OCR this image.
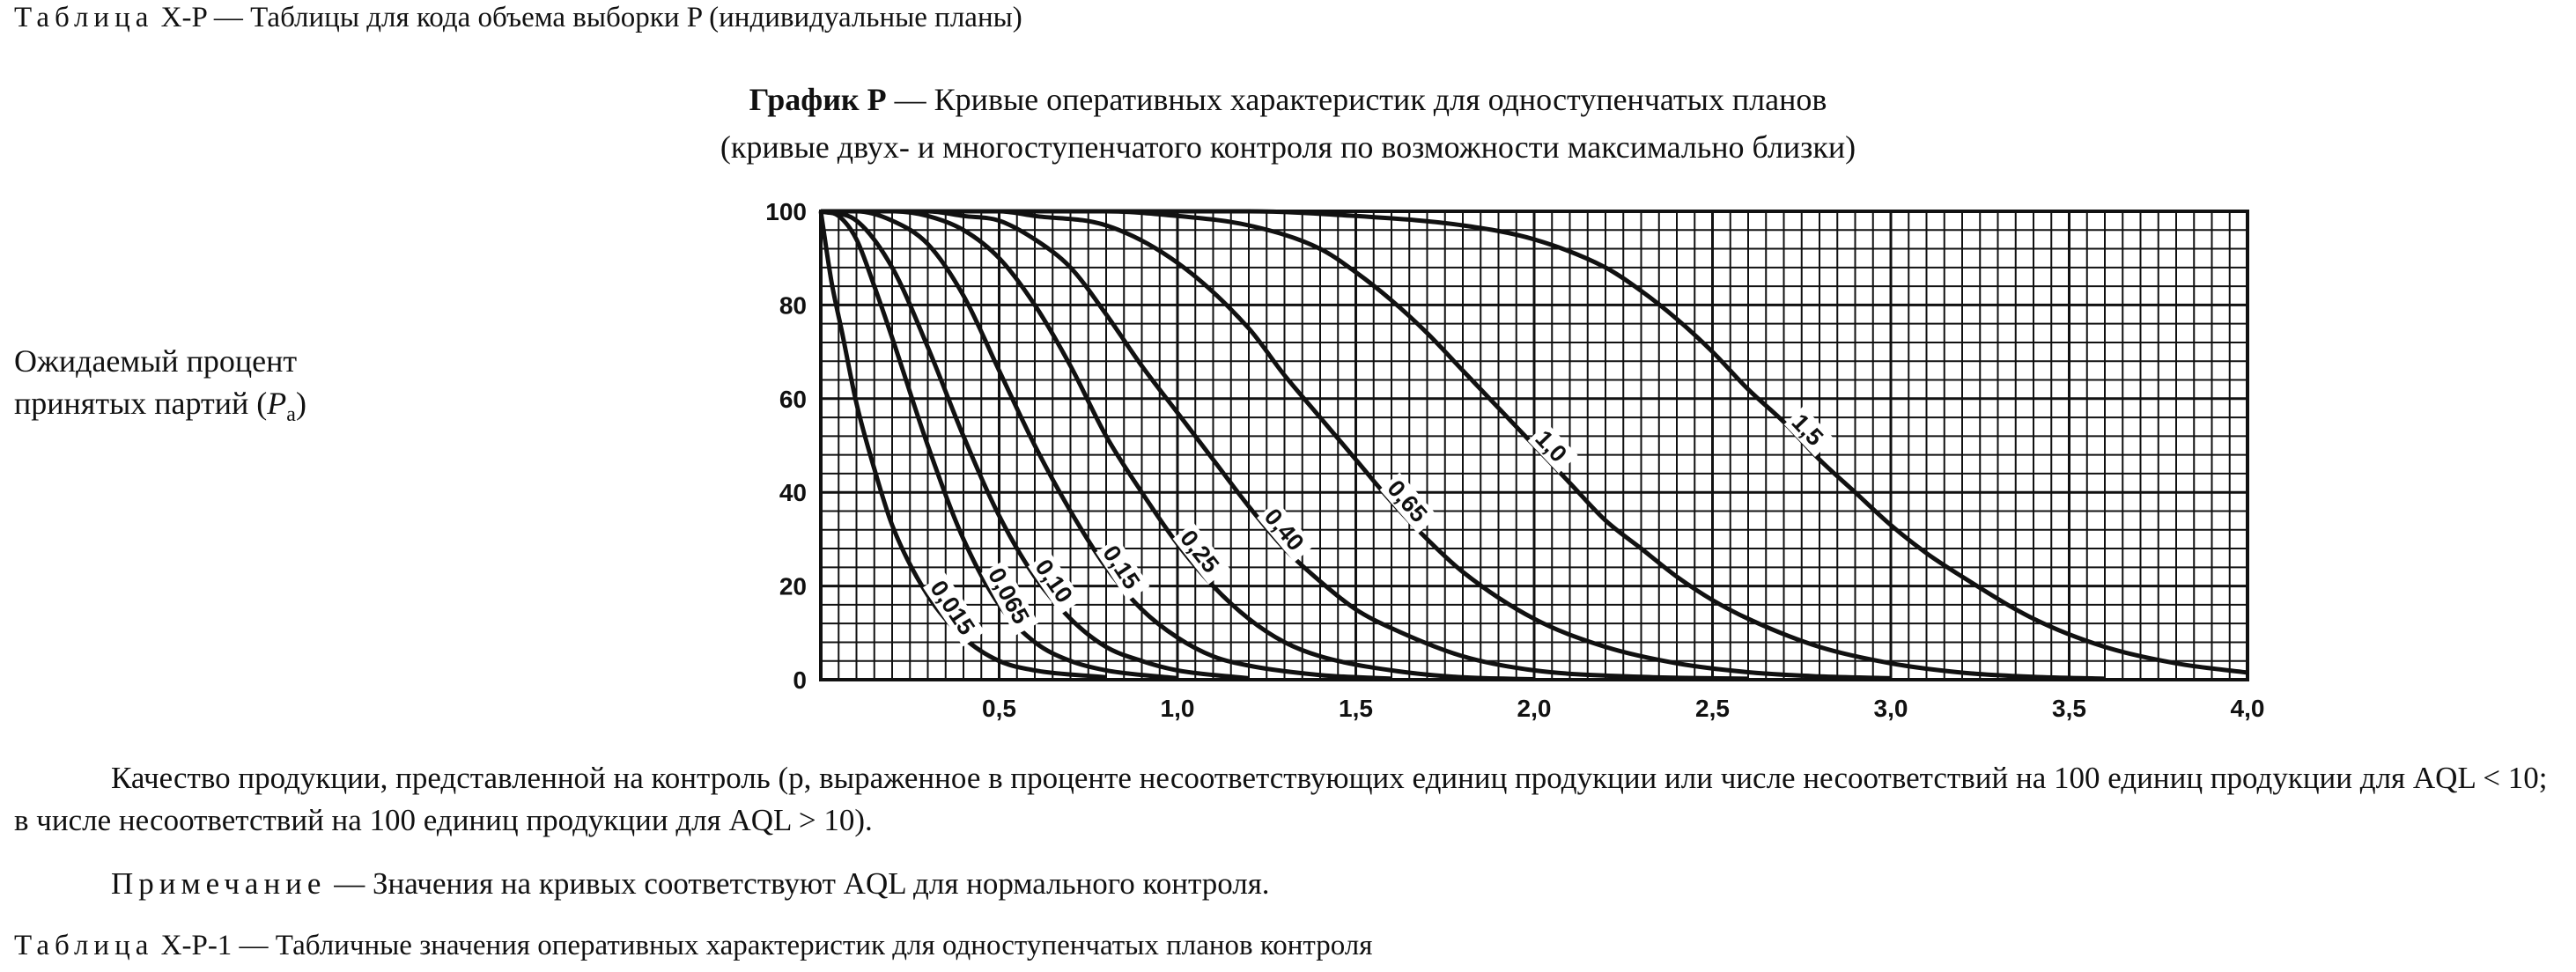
Таблица X-P — Таблицы для кода объема выборки P (индивидуальные планы)
График P — Кривые оперативных характеристик для одноступенчатых планов
(кривые двух- и многоступенчатого контроля по возможности максимально близки)
Ожидаемый процент
принятых партий $(P_a)$
0,015 0,065
0,10 0,15 0,25 0,40
0,65
1,0	1,5
0,5	1,0	1,5	2,0	2,5	3,0	3,5	4,0
0
20
40
60
80
100
Качество продукции, представленной на контроль (p, выраженное в проценте несоответствующих единиц продукции или числе несоответствий на 100 единиц продукции для AQL < 10; в числе несоответствий на 100 единиц продукции для AQL > 10).
Примечание — Значения на кривых соответствуют AQL для нормального контроля.
Таблица X-P-1 — Табличные значения оперативных характеристик для одноступенчатых планов контроля
